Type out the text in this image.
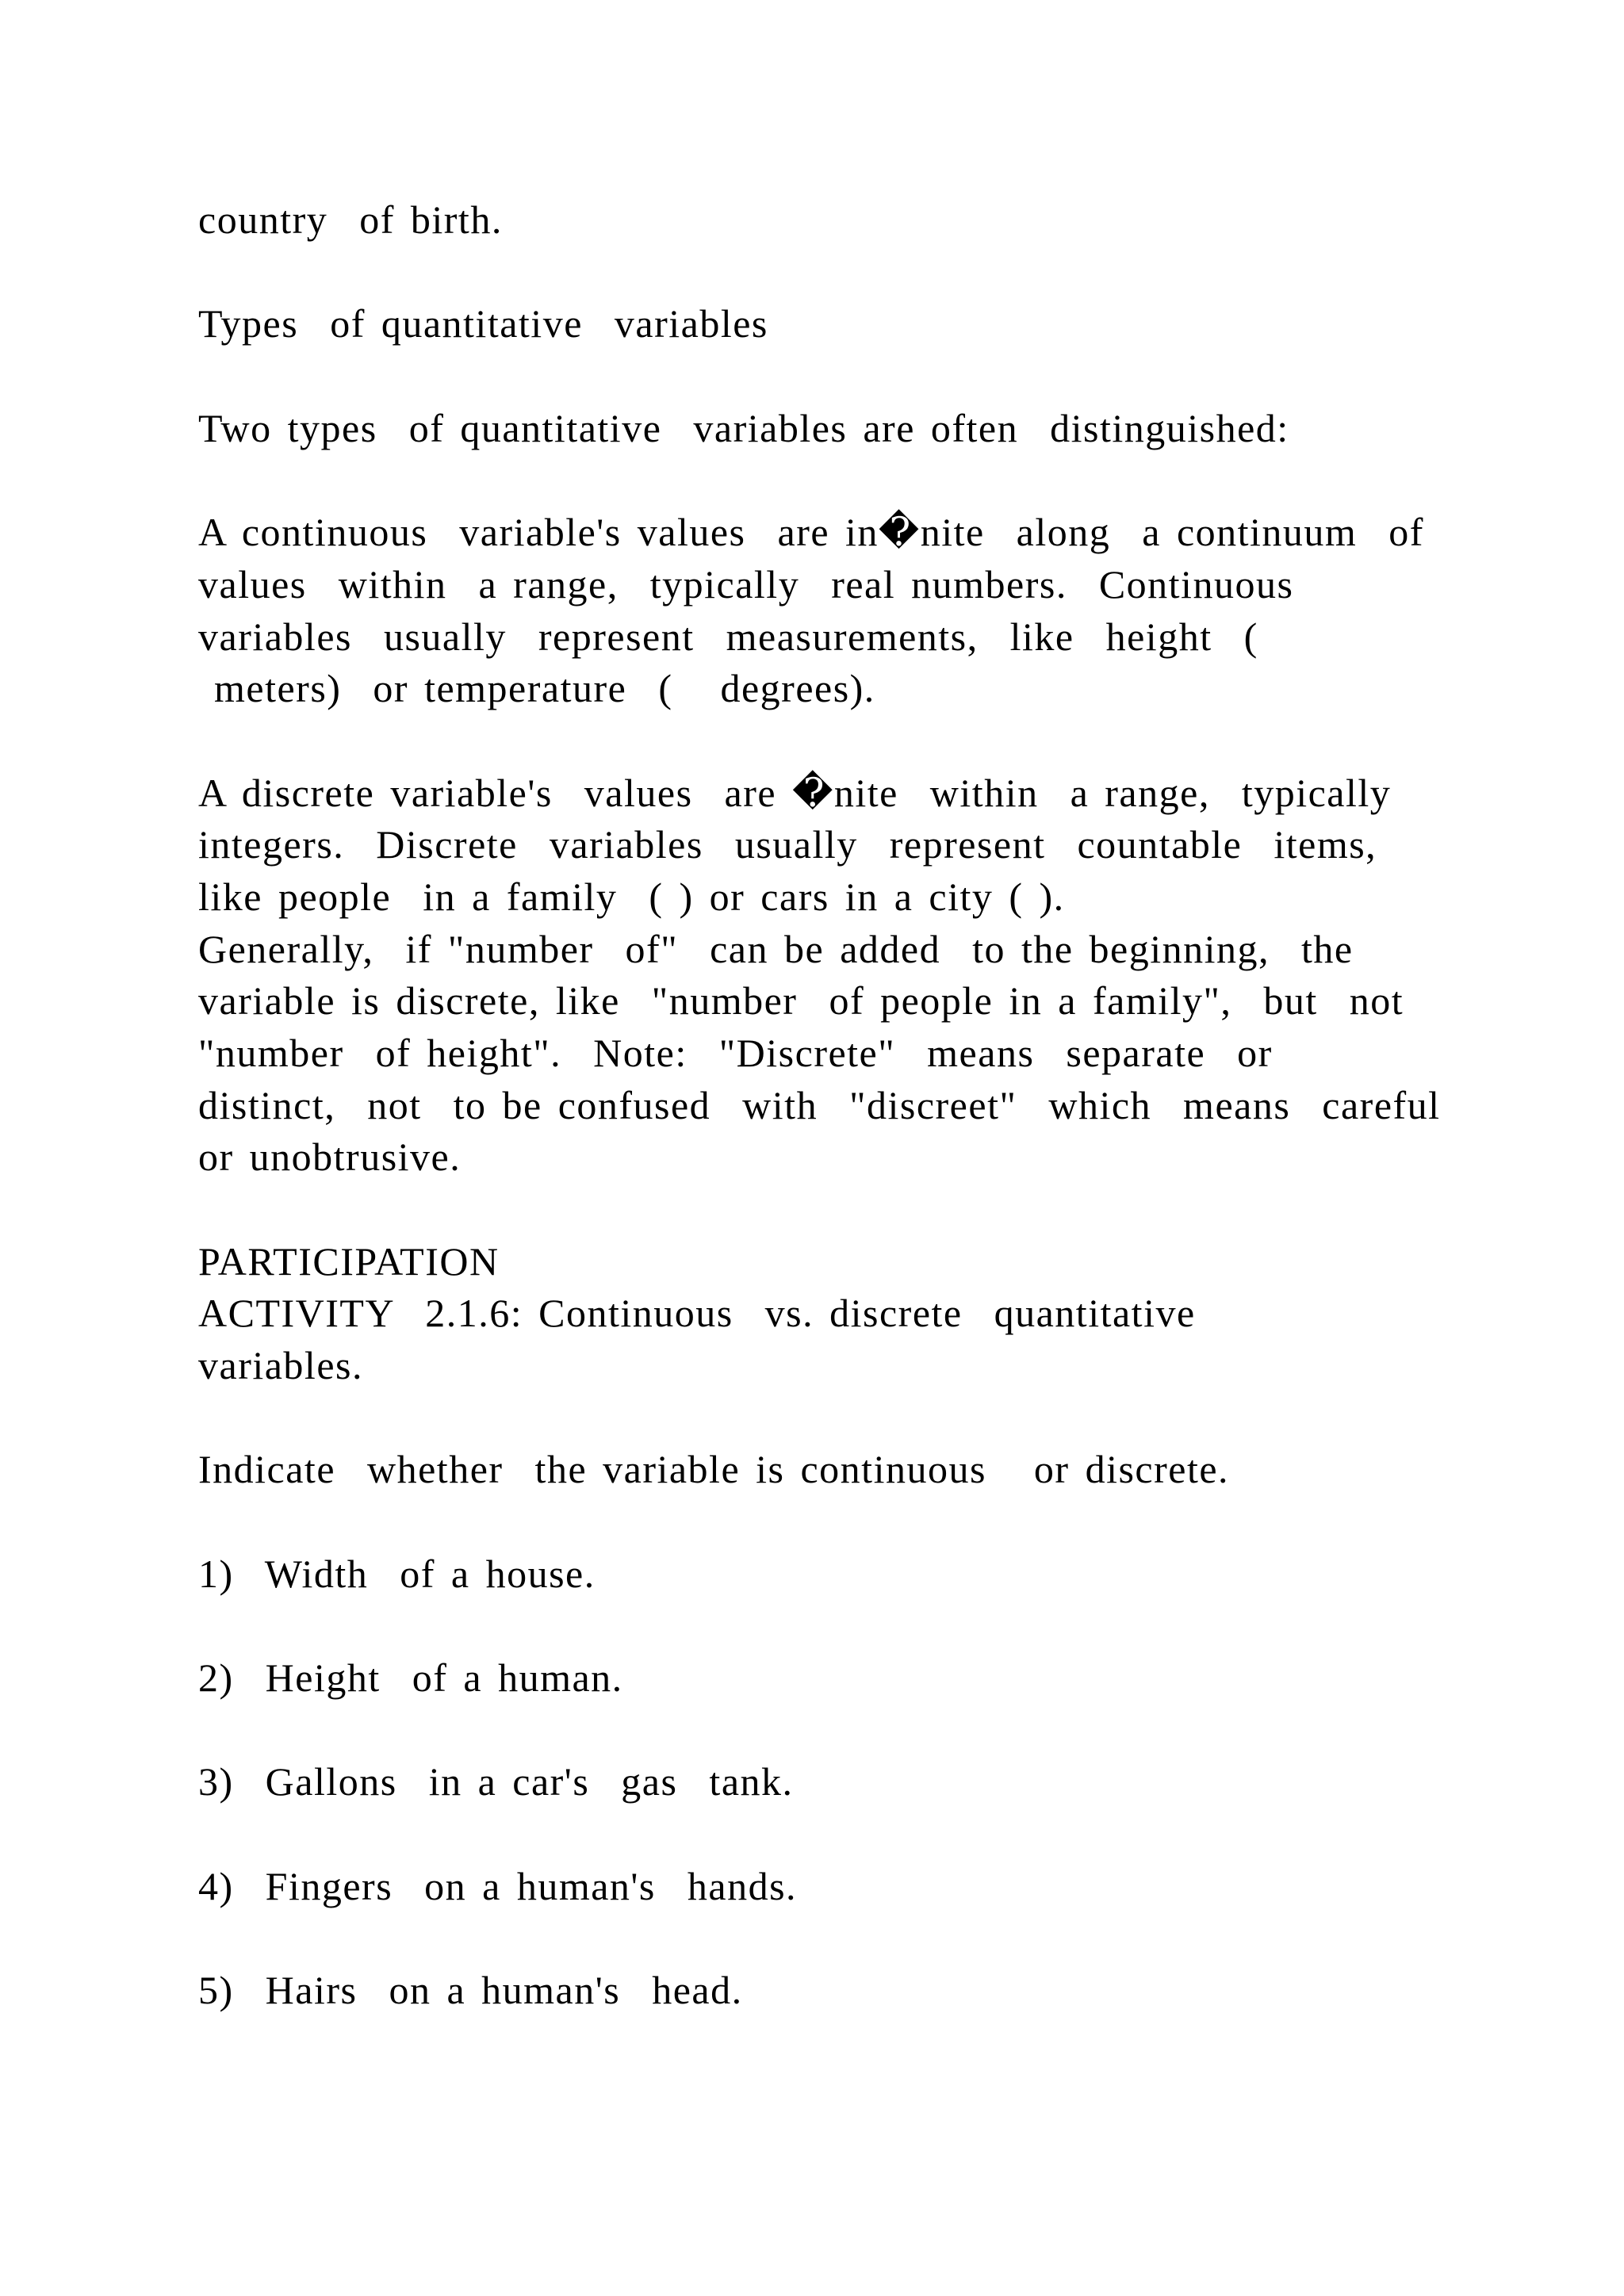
country  of birth.
Types  of quantitative  variables
Two types  of quantitative  variables are often  distinguished:
A continuous  variable's values  are in�nite  along  a continuum  of
values  within  a range,  typically  real numbers.  Continuous
variables  usually  represent  measurements,  like  height  (
meters)  or temperature  (   degrees).
A discrete variable's  values  are �nite  within  a range,  typically
integers.  Discrete  variables  usually  represent  countable  items,
like people  in a family  ( ) or cars in a city ( ).
Generally,  if "number  of"  can be added  to the beginning,  the
variable is discrete, like  "number  of people in a family",  but  not
"number  of height".  Note:  "Discrete"  means  separate  or
distinct,  not  to be confused  with  "discreet"  which  means  careful
or unobtrusive.
PARTICIPATION
ACTIVITY  2.1.6: Continuous  vs. discrete  quantitative
variables.
Indicate  whether  the variable is continuous   or discrete.
1)  Width  of a house.
2)  Height  of a human.
3)  Gallons  in a car's  gas  tank.
4)  Fingers  on a human's  hands.
5)  Hairs  on a human's  head.
